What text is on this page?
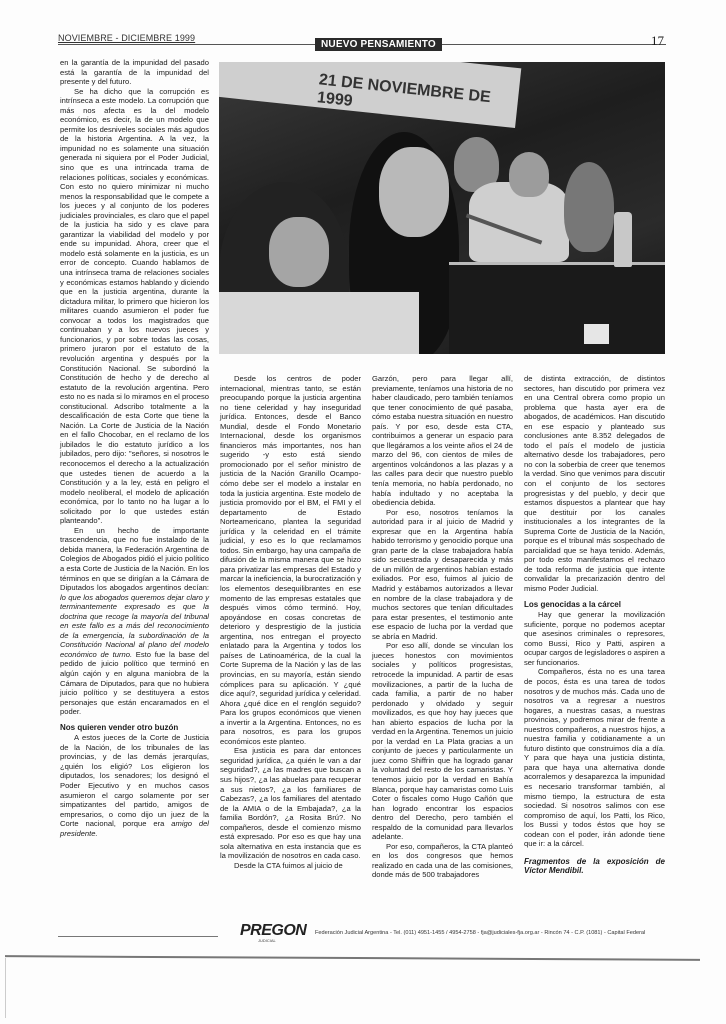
NOVIEMBRE - DICIEMBRE 1999
NUEVO PENSAMIENTO	17

en la garantía de la impunidad del pasado está la garantía de la impunidad del presente y del futuro.

Se ha dicho que la corrupción es intrínseca a este modelo. La corrupción que más nos afecta es la del modelo económico, es decir, la de un modelo que permite los desniveles sociales más agudos de la historia Argentina. A la vez, la impunidad no es solamente una situación generada ni siquiera por el Poder Judicial, sino que es una intrincada trama de relaciones políticas, sociales y económicas. Con esto no quiero minimizar ni mucho menos la responsabilidad que le compete a los jueces y al conjunto de los poderes judiciales provinciales, es claro que el papel de la justicia ha sido y es clave para garantizar la viabilidad del modelo y por ende su impunidad. Ahora, creer que el modelo está solamente en la justicia, es un error de concepto. Cuando hablamos de una intrínseca trama de relaciones sociales y económicas estamos hablando y diciendo que en la justicia argentina, durante la dictadura militar, lo primero que hicieron los militares cuando asumieron el poder fue convocar a todos los magistrados que continuaban y a los nuevos jueces y funcionarios, y por sobre todas las cosas, primero juraron por el estatuto de la revolución argentina y después por la Constitución Nacional. Se subordinó la Constitución de hecho y de derecho al estatuto de la revolución argentina. Pero esto no es nada si lo miramos en el proceso constitucional. Adscribo totalmente a la descalificación de esta Corte que tiene la Nación. La Corte de Justicia de la Nación en el fallo Chocobar, en el reclamo de los jubilados le dio estatuto jurídico a los jubilados, pero dijo: "señores, si nosotros le reconocemos el derecho a la actualización que ustedes tienen de acuerdo a la Constitución y a la ley, está en peligro el modelo neoliberal, el modelo de aplicación económica, por lo tanto no ha lugar a lo solicitado por lo que ustedes están planteando".

En un hecho de importante trascendencia, que no fue instalado de la debida manera, la Federación Argentina de Colegios de Abogados pidió el juicio político a esta Corte de Justicia de la Nación. En los términos en que se dirigían a la Cámara de Diputados los abogados argentinos decían: lo que los abogados queremos dejar claro y terminantemente expresado es que la doctrina que recoge la mayoría del tribunal en este fallo es a más del reconocimiento de la emergencia, la subordinación de la Constitución Nacional al plano del modelo económico de turno. Esto fue la base del pedido de juicio político que terminó en algún cajón y en alguna maniobra de la Cámara de Diputados, para que no hubiera juicio político y se destituyera a estos personajes que están encaramados en el poder.

Nos quieren vender otro buzón

A estos jueces de la Corte de Justicia de la Nación, de los tribunales de las provincias, y de las demás jerarquías, ¿quién los eligió? Los eligieron los diputados, los senadores; los designó el Poder Ejecutivo y en muchos casos asumieron el cargo solamente por ser simpatizantes del partido, amigos de empresarios, o como dijo un juez de la Corte nacional, porque era amigo del presidente.

21 DE NOVIEMBRE DE 1999

Desde los centros de poder internacional, mientras tanto, se están preocupando porque la justicia argentina no tiene celeridad y hay inseguridad jurídica. Entonces, desde el Banco Mundial, desde el Fondo Monetario Internacional, desde los organismos financieros más importantes, nos han sugerido -y esto está siendo promocionado por el señor ministro de justicia de la Nación Granillo Ocampo- cómo debe ser el modelo a instalar en toda la justicia argentina. Este modelo de justicia promovido por el BM, el FMI y el departamento de Estado Norteamericano, plantea la seguridad jurídica y la celeridad en el trámite judicial, y eso es lo que reclamamos todos. Sin embargo, hay una campaña de difusión de la misma manera que se hizo para privatizar las empresas del Estado y marcar la ineficiencia, la burocratización y los elementos desequilibrantes en ese momento de las empresas estatales que después vimos cómo terminó. Hoy, apoyándose en cosas concretas de deterioro y desprestigio de la justicia argentina, nos entregan el proyecto enlatado para la Argentina y todos los países de Latinoamérica, de la cual la Corte Suprema de la Nación y las de las provincias, en su mayoría, están siendo cómplices para su aplicación. Y ¿qué dice aquí?, seguridad jurídica y celeridad. Ahora ¿qué dice en el renglón seguido? Para los grupos económicos que vienen a invertir a la Argentina. Entonces, no es para nosotros, es para los grupos económicos este planteo.

Esa justicia es para dar entonces seguridad jurídica, ¿a quién le van a dar seguridad?, ¿a las madres que buscan a sus hijos?, ¿a las abuelas para recuperar a sus nietos?, ¿a los familiares de Cabezas?, ¿a los familiares del atentado de la AMIA o de la Embajada?, ¿a la familia Bordón?, ¿a Rosita Brú?. No compañeros, desde el comienzo mismo está expresado. Por eso es que hay una sola alternativa en esta instancia que es la movilización de nosotros en cada caso.

Desde la CTA fuimos al juicio de

Garzón, pero para llegar allí, previamente, teníamos una historia de no haber claudicado, pero también teníamos que tener conocimiento de qué pasaba, cómo estaba nuestra situación en nuestro país. Y por eso, desde esta CTA, contribuimos a generar un espacio para que llegáramos a los veinte años el 24 de marzo del 96, con cientos de miles de argentinos volcándonos a las plazas y a las calles para decir que nuestro pueblo tenía memoria, no había perdonado, no había indultado y no aceptaba la obediencia debida.

Por eso, nosotros teníamos la autoridad para ir al juicio de Madrid y expresar que en la Argentina había habido terrorismo y genocidio porque una gran parte de la clase trabajadora había sido secuestrada y desaparecida y más de un millón de argentinos habían estado exiliados. Por eso, fuimos al juicio de Madrid y estábamos autorizados a llevar en nombre de la clase trabajadora y de muchos sectores que tenían dificultades para estar presentes, el testimonio ante ese espacio de lucha por la verdad que se abría en Madrid.

Por eso allí, donde se vinculan los jueces honestos con movimientos sociales y políticos progresistas, retrocede la impunidad. A partir de esas movilizaciones, a partir de la lucha de cada familia, a partir de no haber perdonado y olvidado y seguir movilizados, es que hoy hay jueces que han abierto espacios de lucha por la verdad en la Argentina. Tenemos un juicio por la verdad en La Plata gracias a un conjunto de jueces y particularmente un juez como Shiffrin que ha logrado ganar la voluntad del resto de los camaristas. Y tenemos juicio por la verdad en Bahía Blanca, porque hay camaristas como Luis Coter o fiscales como Hugo Cañón que han logrado encontrar los espacios dentro del Derecho, pero también el respaldo de la comunidad para llevarlos adelante.

Por eso, compañeros, la CTA planteó en los dos congresos que hemos realizado en cada una de las comisiones, donde más de 500 trabajadores

de distinta extracción, de distintos sectores, han discutido por primera vez en una Central obrera como propio un problema que hasta ayer era de abogados, de académicos. Han discutido en ese espacio y planteado sus conclusiones ante 8.352 delegados de todo el país el modelo de justicia alternativo desde los trabajadores, pero no con la soberbia de creer que tenemos la verdad. Sino que venimos para discutir con el conjunto de los sectores progresistas y del pueblo, y decir que estamos dispuestos a plantear que hay que destituir por los canales institucionales a los integrantes de la Suprema Corte de Justicia de la Nación, porque es el tribunal más sospechado de parcialidad que se haya tenido. Además, por todo esto manifestamos el rechazo de toda reforma de justicia que intente convalidar la precarización dentro del mismo Poder Judicial.

Los genocidas a la cárcel

Hay que generar la movilización suficiente, porque no podemos aceptar que asesinos criminales o represores, como Bussi, Rico y Patti, aspiren a ocupar cargos de legisladores o aspiren a ser funcionarios.

Compañeros, ésta no es una tarea de pocos, ésta es una tarea de todos nosotros y de muchos más. Cada uno de nosotros va a regresar a nuestros hogares, a nuestras casas, a nuestras provincias, y podremos mirar de frente a nuestros compañeros, a nuestros hijos, a nuestra familia y cotidianamente a un futuro distinto que construimos día a día. Y para que haya una justicia distinta, para que haya una alternativa donde acorralemos y desaparezca la impunidad es necesario transformar también, al mismo tiempo, la estructura de esta sociedad. Si nosotros salimos con ese compromiso de aquí, los Patti, los Rico, los Bussi y todos éstos que hoy se codean con el poder, irán adonde tiene que ir: a la cárcel.

Fragmentos de la exposición de Víctor Mendibil.
PREGON
JUDICIAL
Federación Judicial Argentina - Tel. (011) 4951-1455 / 4954-2758 - fja@judiciales-fja.org.ar - Rincón 74 - C.P. (1081) - Capital Federal
